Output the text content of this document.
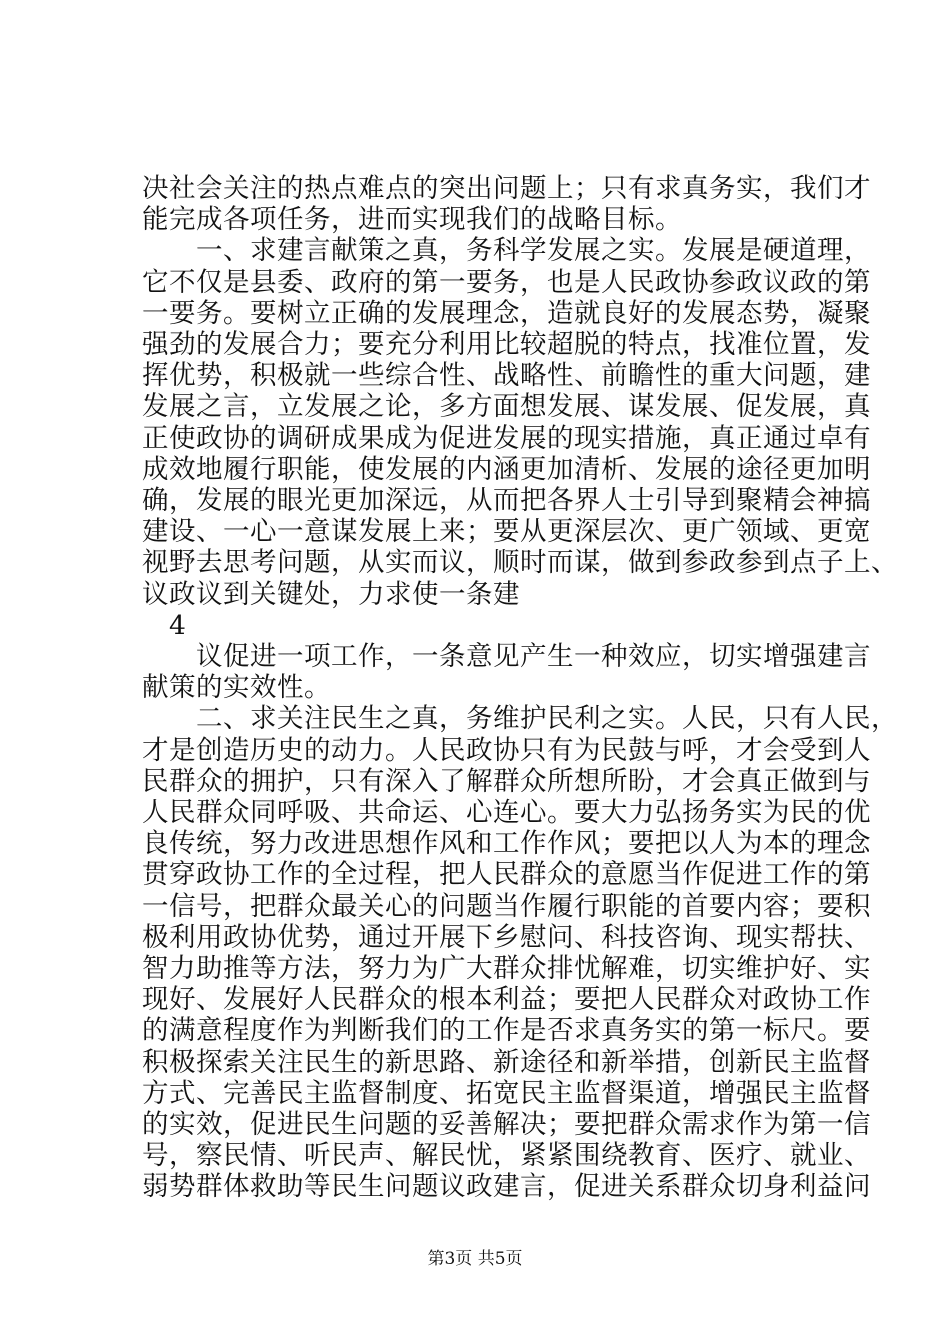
决社会关注的热点难点的突出问题上；只有求真务实，我们才
能完成各项任务，进而实现我们的战略目标。
　　一、求建言献策之真，务科学发展之实。发展是硬道理，
它不仅是县委、政府的第一要务，也是人民政协参政议政的第
一要务。要树立正确的发展理念，造就良好的发展态势，凝聚
强劲的发展合力；要充分利用比较超脱的特点，找准位置，发
挥优势，积极就一些综合性、战略性、前瞻性的重大问题，建
发展之言，立发展之论，多方面想发展、谋发展、促发展，真
正使政协的调研成果成为促进发展的现实措施，真正通过卓有
成效地履行职能，使发展的内涵更加清析、发展的途径更加明
确，发展的眼光更加深远，从而把各界人士引导到聚精会神搞
建设、一心一意谋发展上来；要从更深层次、更广领域、更宽
视野去思考问题，从实而议，顺时而谋，做到参政参到点子上、
议政议到关键处，力求使一条建
　4
　　议促进一项工作，一条意见产生一种效应，切实增强建言
献策的实效性。
　　二、求关注民生之真，务维护民利之实。人民，只有人民，
才是创造历史的动力。人民政协只有为民鼓与呼，才会受到人
民群众的拥护，只有深入了解群众所想所盼，才会真正做到与
人民群众同呼吸、共命运、心连心。要大力弘扬务实为民的优
良传统，努力改进思想作风和工作作风；要把以人为本的理念
贯穿政协工作的全过程，把人民群众的意愿当作促进工作的第
一信号，把群众最关心的问题当作履行职能的首要内容；要积
极利用政协优势，通过开展下乡慰问、科技咨询、现实帮扶、
智力助推等方法，努力为广大群众排忧解难，切实维护好、实
现好、发展好人民群众的根本利益；要把人民群众对政协工作
的满意程度作为判断我们的工作是否求真务实的第一标尺。要
积极探索关注民生的新思路、新途径和新举措，创新民主监督
方式、完善民主监督制度、拓宽民主监督渠道，增强民主监督
的实效，促进民生问题的妥善解决；要把群众需求作为第一信
号，察民情、听民声、解民忧，紧紧围绕教育、医疗、就业、
弱势群体救助等民生问题议政建言，促进关系群众切身利益问
第3页 共5页
